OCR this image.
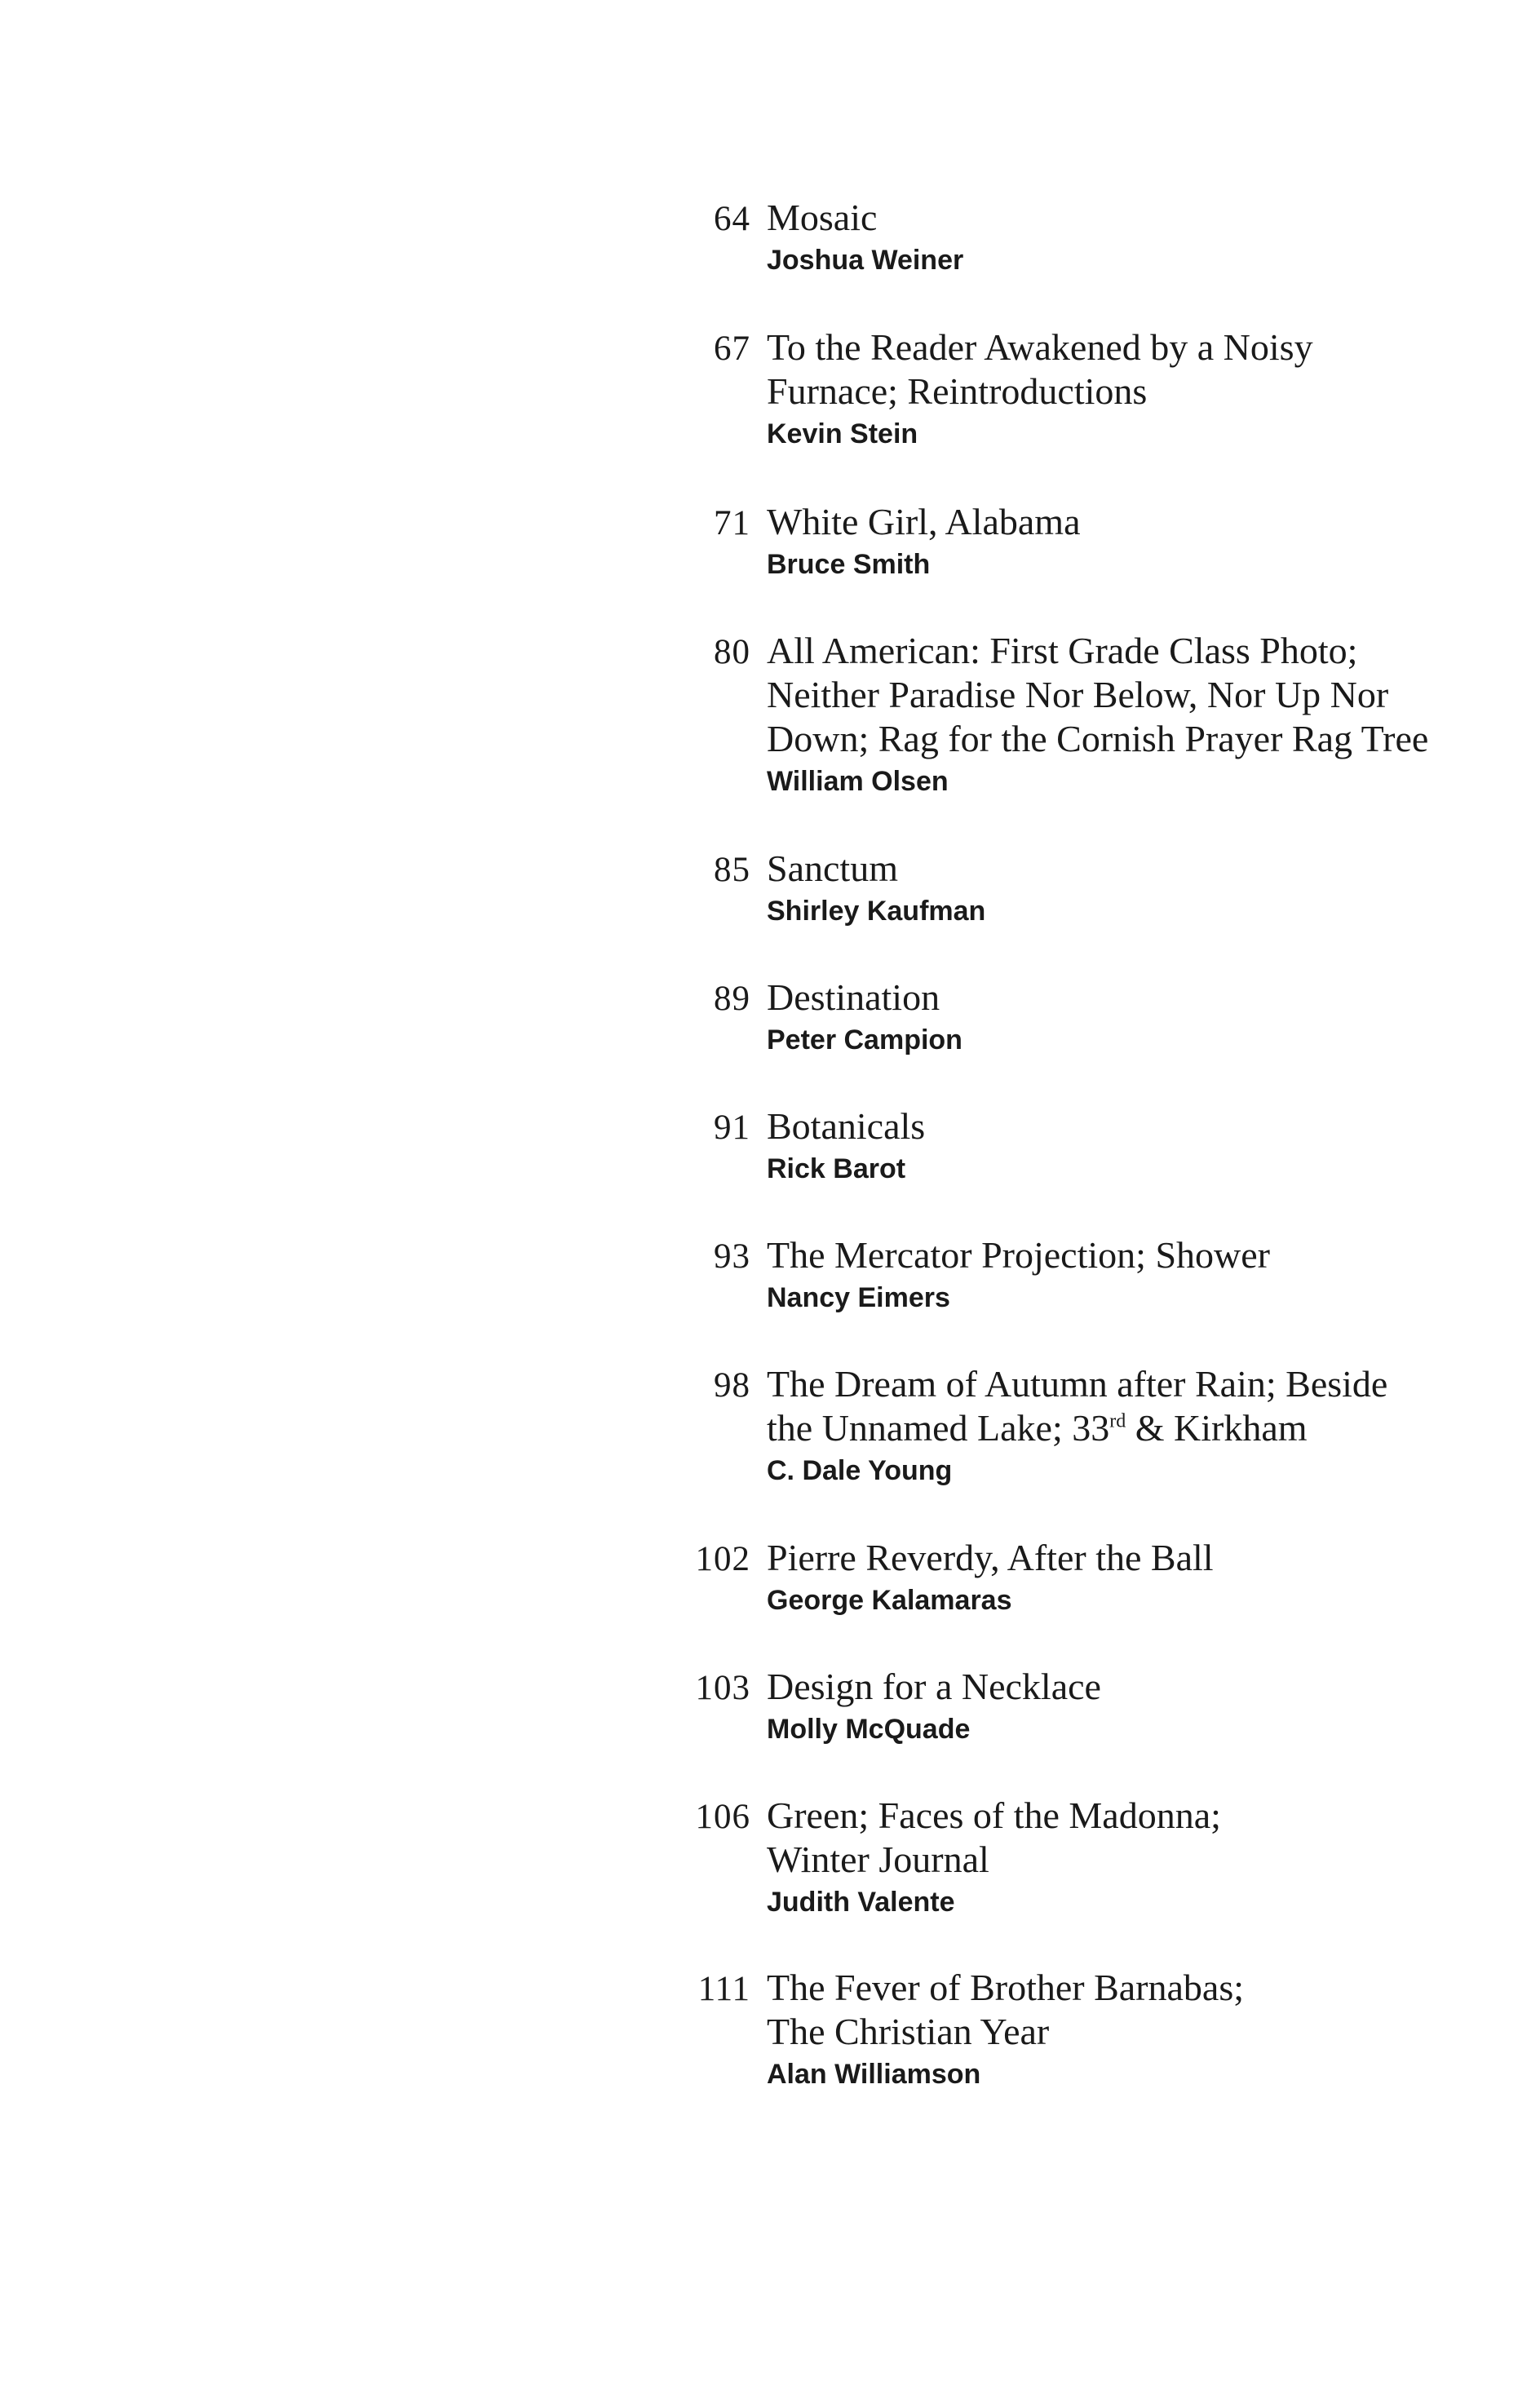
64 Mosaic
Joshua Weiner
67 To the Reader Awakened by a Noisy Furnace; Reintroductions
Kevin Stein
71 White Girl, Alabama
Bruce Smith
80 All American: First Grade Class Photo;
Neither Paradise Nor Below, Nor Up Nor
Down; Rag for the Cornish Prayer Rag Tree
William Olsen
85 Sanctum
Shirley Kaufman
89 Destination
Peter Campion
91 Botanicals
Rick Barot
93 The Mercator Projection; Shower
Nancy Eimers
98 The Dream of Autumn after Rain; Beside
the Unnamed Lake; 33rd & Kirkham
C. Dale Young
102 Pierre Reverdy, After the Ball
George Kalamaras
103 Design for a Necklace
Molly McQuade
106 Green; Faces of the Madonna;
Winter Journal
Judith Valente
111 The Fever of Brother Barnabas;
The Christian Year
Alan Williamson
